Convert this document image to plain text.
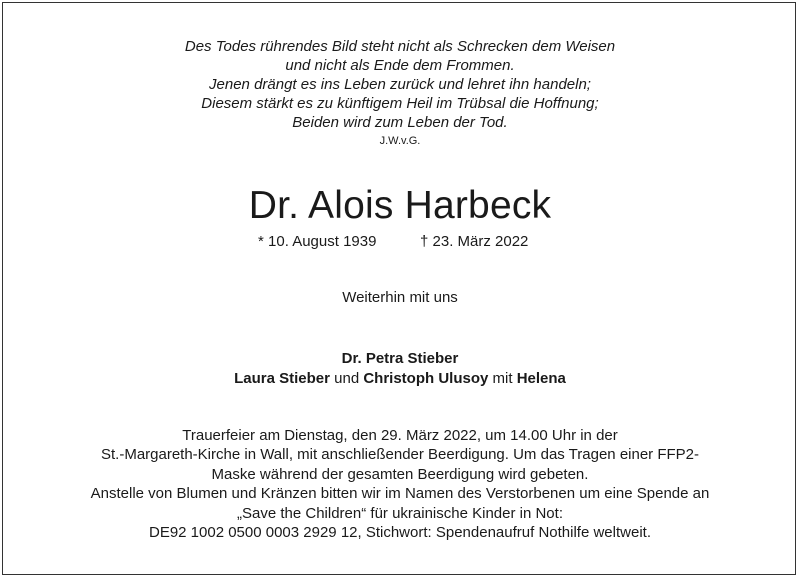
Des Todes rührendes Bild steht nicht als Schrecken dem Weisen
und nicht als Ende dem Frommen.
Jenen drängt es ins Leben zurück und lehret ihn handeln;
Diesem stärkt es zu künftigem Heil im Trübsal die Hoffnung;
Beiden wird zum Leben der Tod.
J.W.v.G.
Dr. Alois Harbeck
* 10. August 1939	† 23. März 2022
Weiterhin mit uns
Dr. Petra Stieber
Laura Stieber und Christoph Ulusoy mit Helena
Trauerfeier am Dienstag, den 29. März 2022, um 14.00 Uhr in der
St.-Margareth-Kirche in Wall, mit anschließender Beerdigung. Um das Tragen einer FFP2-
Maske während der gesamten Beerdigung wird gebeten.
Anstelle von Blumen und Kränzen bitten wir im Namen des Verstorbenen um eine Spende an
„Save the Children“ für ukrainische Kinder in Not:
DE92 1002 0500 0003 2929 12, Stichwort: Spendenaufruf Nothilfe weltweit.
